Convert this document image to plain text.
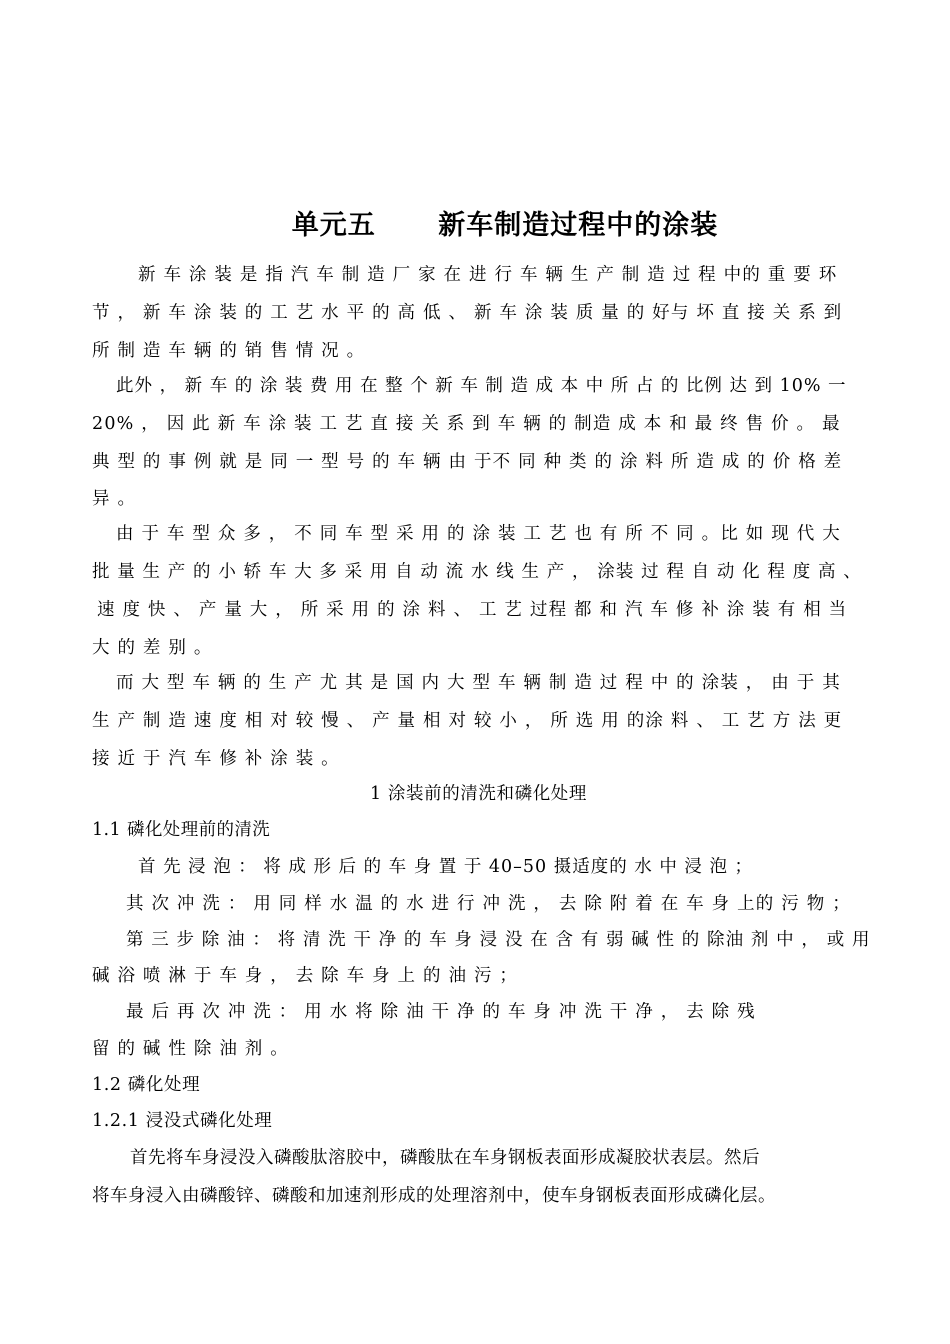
单元五      新车制造过程中的涂装
新 车 涂 装 是 指 汽 车 制 造 厂 家 在 进 行 车 辆 生 产 制 造 过 程 中的 重 要 环
节 ， 新 车 涂 装 的 工 艺 水 平 的 高 低 、 新 车 涂 装 质 量 的 好与 坏 直 接 关 系 到
所 制 造 车 辆 的 销 售 情 况 。
此外 ， 新 车 的 涂 装 费 用 在 整 个 新 车 制 造 成 本 中 所 占 的 比例 达 到 10% 一
20% ， 因 此 新 车 涂 装 工 艺 直 接 关 系 到 车 辆 的 制造 成 本 和 最 终 售 价 。 最
典 型 的 事 例 就 是 同 一 型 号 的 车 辆 由 于不 同 种 类 的 涂 料 所 造 成 的 价 格 差
异 。
由 于 车 型 众 多 ， 不 同 车 型 采 用 的 涂 装 工 艺 也 有 所 不 同 。比 如 现 代 大
批 量 生 产 的 小 轿 车 大 多 采 用 自 动 流 水 线 生 产 ， 涂装 过 程 自 动 化 程 度 高 、
速 度 快 、 产 量 大 ， 所 采 用 的 涂 料 、 工 艺 过程 都 和 汽 车 修 补 涂 装 有 相 当
大 的 差 别 。
而 大 型 车 辆 的 生 产 尤 其 是 国 内 大 型 车 辆 制 造 过 程 中 的 涂装 ， 由 于 其
生 产 制 造 速 度 相 对 较 慢 、 产 量 相 对 较 小 ， 所 选 用 的涂 料 、 工 艺 方 法 更
接 近 于 汽 车 修 补 涂 装 。
1 涂装前的清洗和磷化处理
1.1 磷化处理前的清洗
首 先 浸 泡 ： 将 成 形 后 的 车 身 置 于 40–50 摄适度的 水 中 浸 泡 ；
其 次 冲 洗 ： 用 同 样 水 温 的 水 进 行 冲 洗 ， 去 除 附 着 在 车 身 上的 污 物 ；
第 三 步 除 油 ： 将 清 洗 干 净 的 车 身 浸 没 在 含 有 弱 碱 性 的 除油 剂 中 ， 或 用
碱 浴 喷 淋 于 车 身 ， 去 除 车 身 上 的 油 污 ；
最 后 再 次 冲 洗 ： 用 水 将 除 油 干 净 的 车 身 冲 洗 干 净 ， 去 除 残
留 的 碱 性 除 油 剂 。
1.2 磷化处理
1.2.1 浸没式磷化处理
首先将车身浸没入磷酸肽溶胶中，磷酸肽在车身钢板表面形成凝胶状表层。然后
将车身浸入由磷酸锌、磷酸和加速剂形成的处理溶剂中，使车身钢板表面形成磷化层。
